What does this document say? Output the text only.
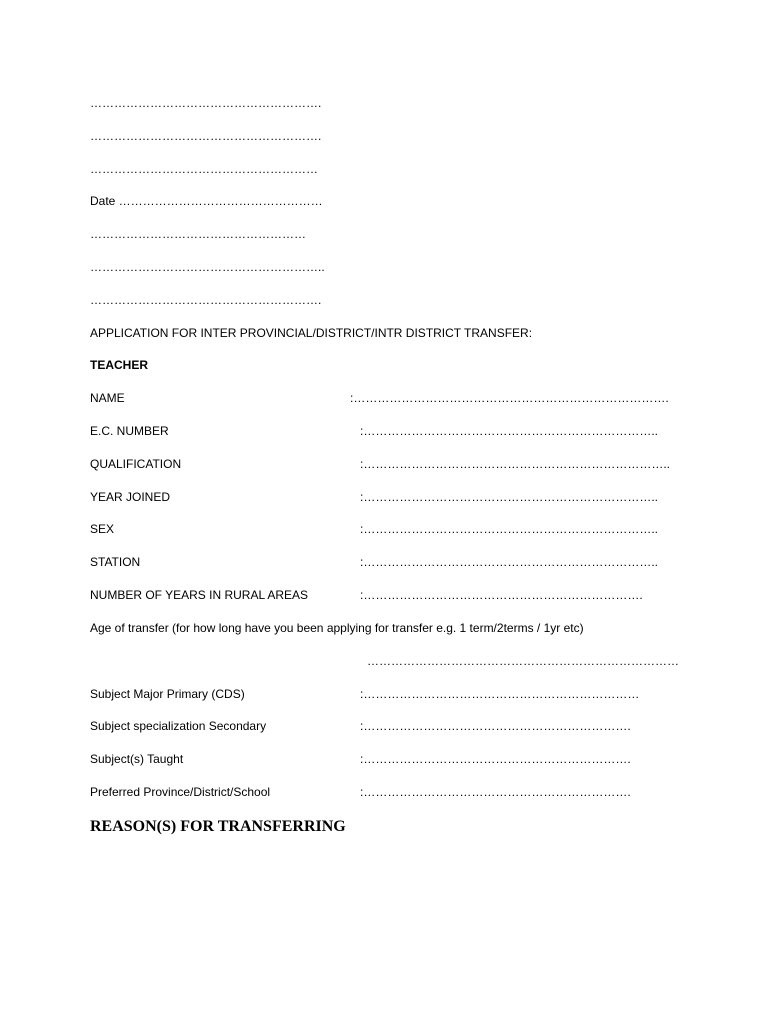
………………………………………………….
………………………………………………….
…………………………………………………
Date ……………………………………………
………………………………………………
…………………………………………………..
………………………………………………….
APPLICATION FOR INTER PROVINCIAL/DISTRICT/INTR DISTRICT TRANSFER:
TEACHER
NAME	:…………………………………………………………………….
E.C. NUMBER	:………………………………………………………………..
QUALIFICATION	:…………………………………………………………………..
YEAR JOINED	:………………………………………………………………..
SEX	:………………………………………………………………..
STATION	:………………………………………………………………..
NUMBER OF YEARS IN RURAL AREAS	:…………………………………………………………….
Age of transfer (for how long have you been applying for transfer e.g. 1 term/2terms / 1yr etc)
……………………………………………………………………
Subject Major Primary (CDS)	:……………………………………………………………
Subject specialization Secondary	:………………………………………………………….
Subject(s) Taught	:………………………………………………………….
Preferred Province/District/School	:………………………………………………………….
REASON(S) FOR TRANSFERRING
